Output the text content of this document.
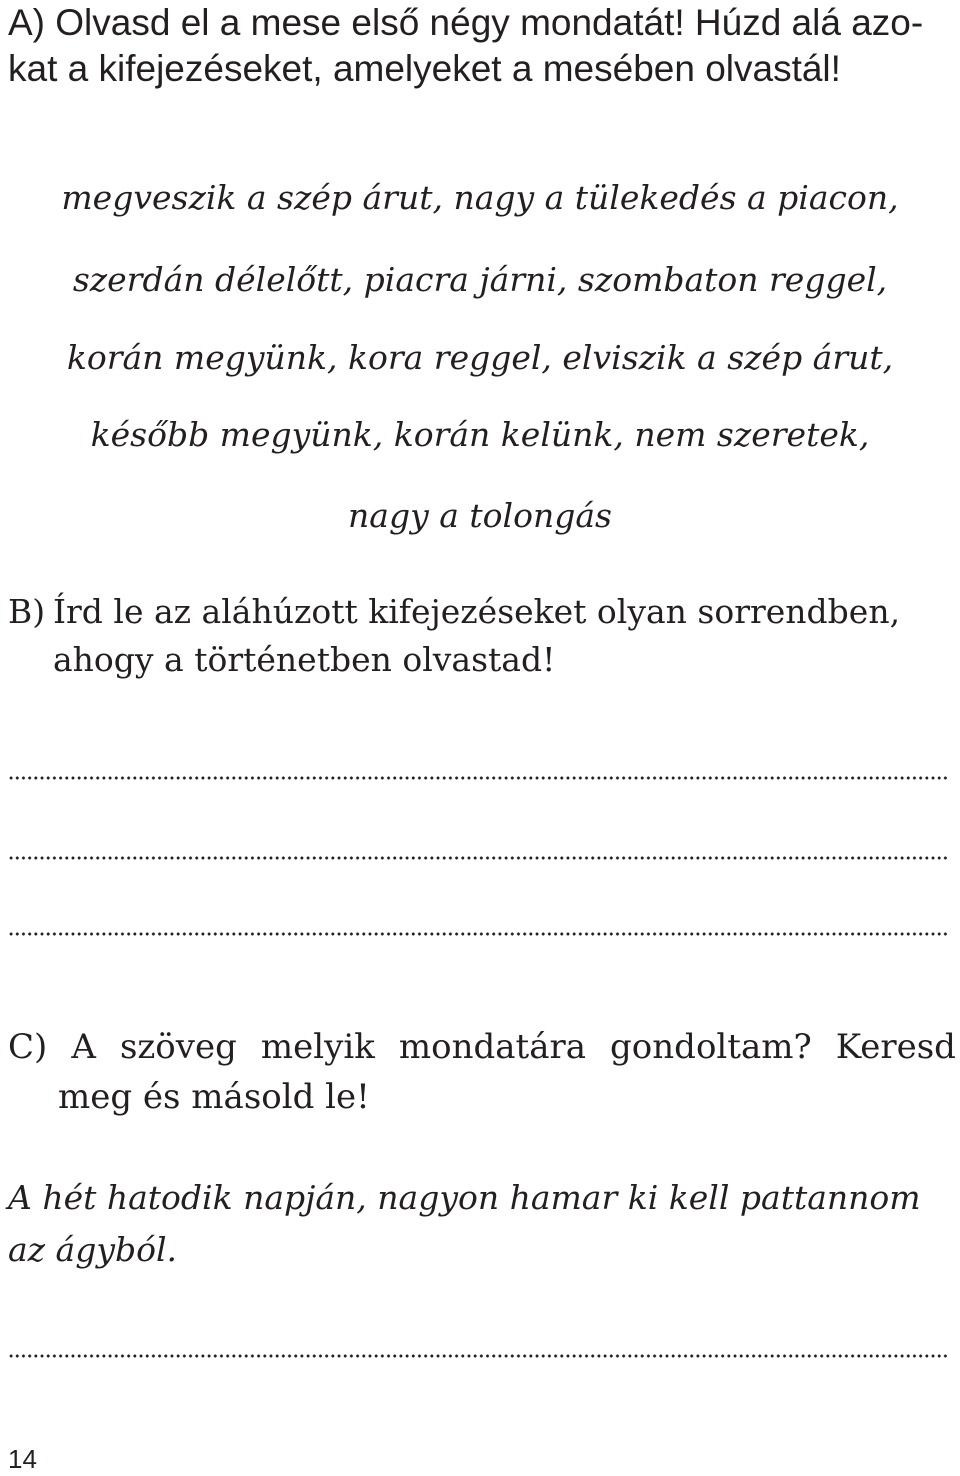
A) Olvasd el a mese első négy mondatát! Húzd alá azo-
kat a kifejezéseket, amelyeket a mesében olvastál!
megveszik a szép árut, nagy a tülekedés a piacon,
szerdán délelőtt, piacra járni, szombaton reggel,
korán megyünk, kora reggel, elviszik a szép árut,
később megyünk, korán kelünk, nem szeretek,
nagy a tolongás
B) Írd le az aláhúzott kifejezéseket olyan sorrendben,
ahogy a történetben olvastad!
C) A szöveg melyik mondatára gondoltam? Keresd
meg és másold le!
A hét hatodik napján, nagyon hamar ki kell pattannom az ágyból.
14
